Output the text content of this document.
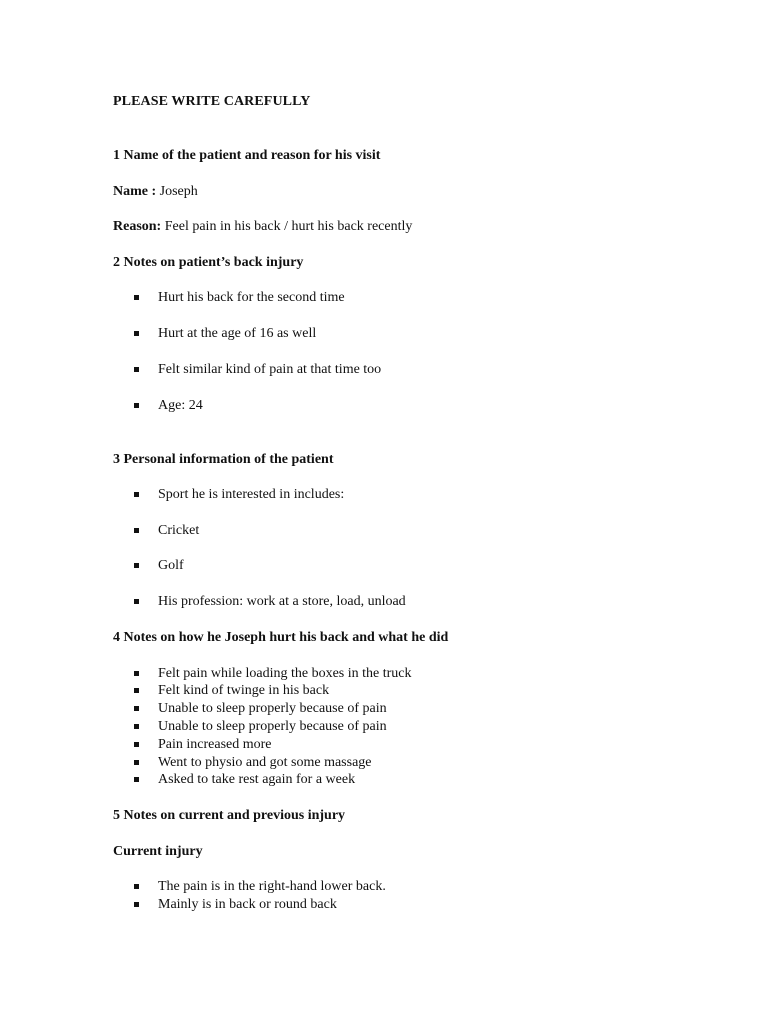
PLEASE WRITE CAREFULLY
1 Name of the patient and reason for his visit
Name : Joseph
Reason: Feel pain in his back / hurt his back recently
2 Notes on patient’s back injury
Hurt his back for the second time
Hurt at the age of 16 as well
Felt similar kind of pain at that time too
Age: 24
3 Personal information of the patient
Sport he is interested in includes:
Cricket
Golf
His profession: work at a store, load, unload
4 Notes on how he Joseph hurt his back and what he did
Felt pain while loading the boxes in the truck
Felt kind of twinge in his back
Unable to sleep properly because of pain
Unable to sleep properly because of pain
Pain increased more
Went to physio and got some massage
Asked to take rest again for a week
5 Notes on current and previous injury
Current injury
The pain is in the right-hand lower back.
Mainly is in back or round back
